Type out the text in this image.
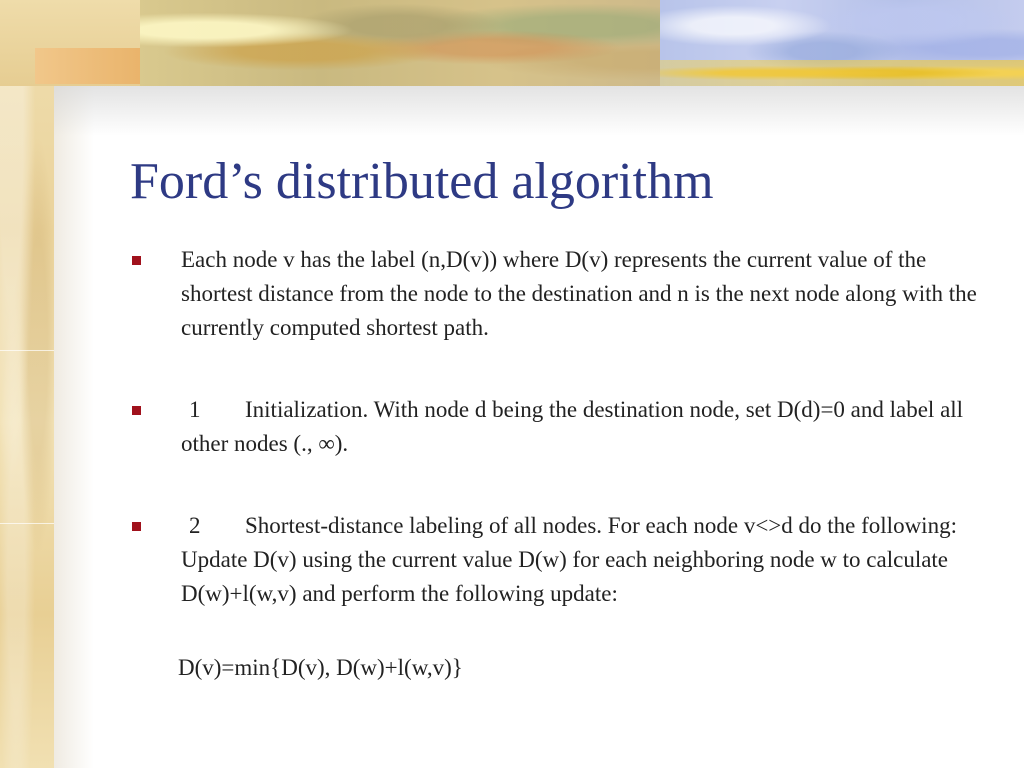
Ford’s distributed algorithm
Each node v has the label (n,D(v)) where D(v) represents the current value of the shortest distance from the node to the destination and n is the next node along with the currently computed shortest path.
1 Initialization. With node d being the destination node, set D(d)=0 and label all other nodes (., ∞).
2 Shortest-distance labeling of all nodes. For each node v<>d do the following: Update D(v) using the current value D(w) for each neighboring node w to calculate D(w)+l(w,v) and perform the following update:
D(v)=min{D(v), D(w)+l(w,v)}
